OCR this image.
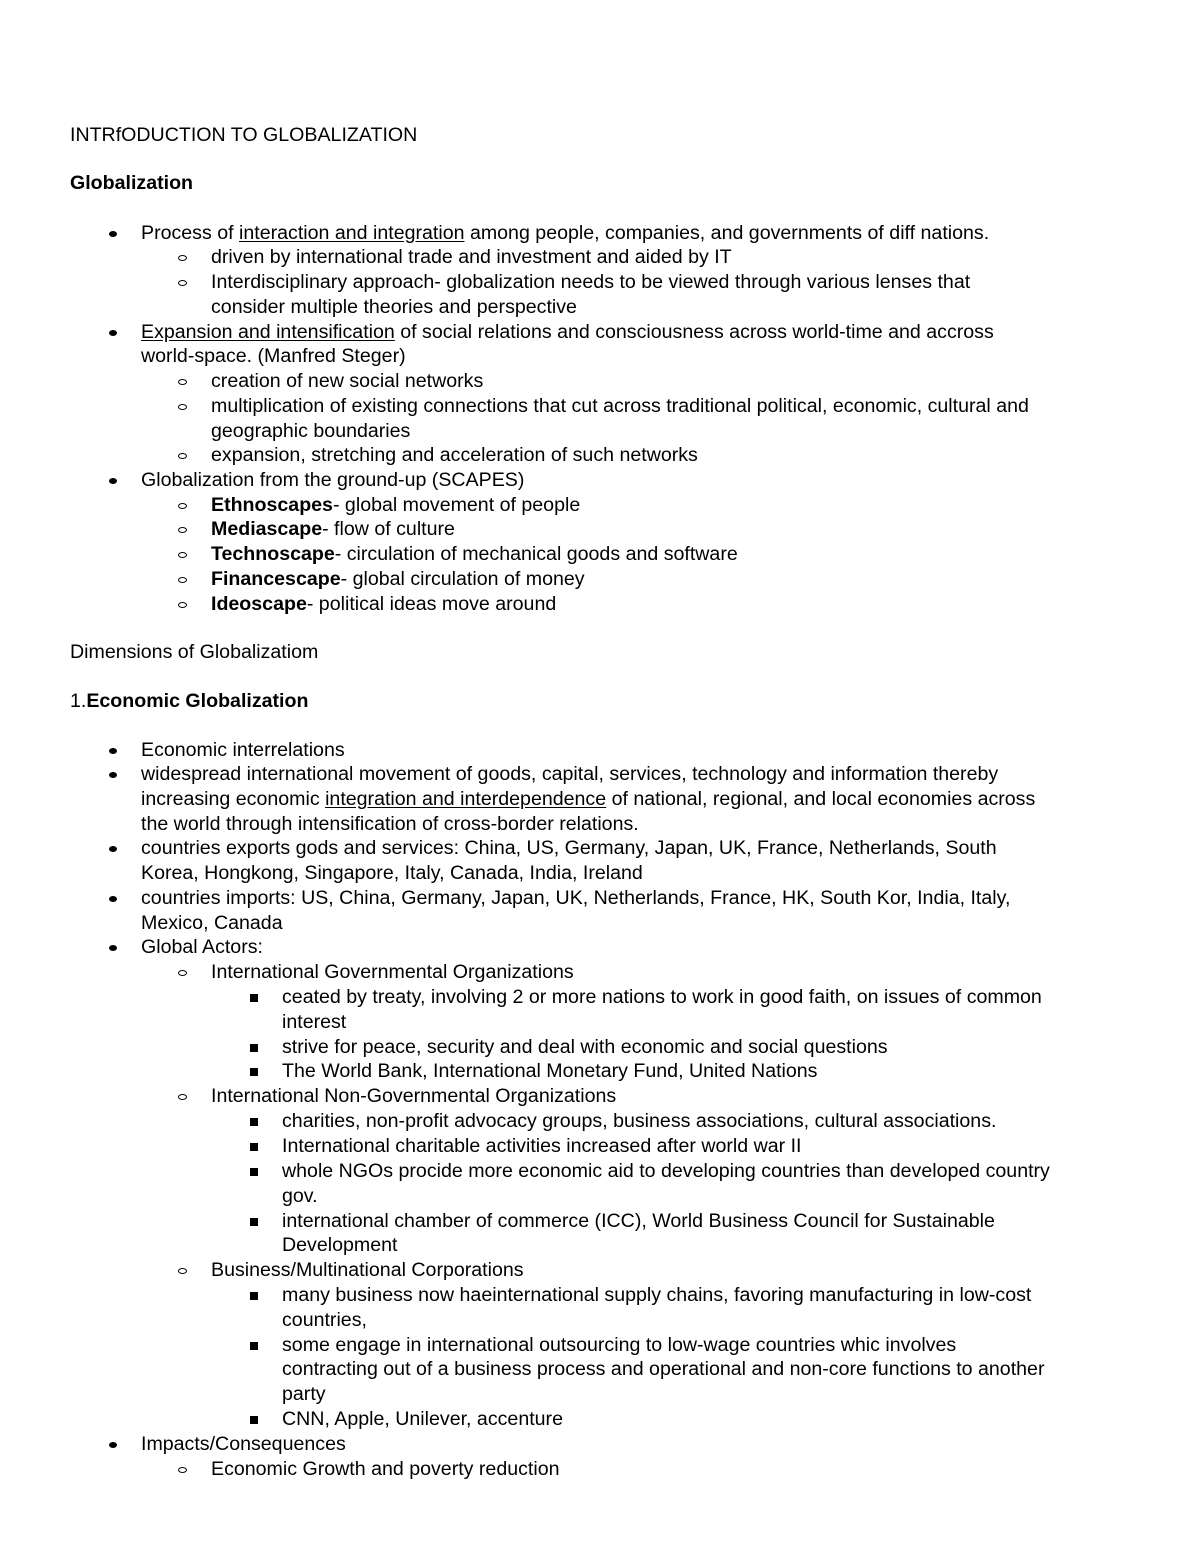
INTRfODUCTION TO GLOBALIZATION
Globalization
Process of interaction and integration among people, companies, and governments of diff nations.
driven by international trade and investment and aided by IT
Interdisciplinary approach- globalization needs to be viewed through various lenses that
consider multiple theories and perspective
Expansion and intensification of social relations and consciousness across world-time and accross
world-space. (Manfred Steger)
creation of new social networks
multiplication of existing connections that cut across traditional political, economic, cultural and
geographic boundaries
expansion, stretching and acceleration of such networks
Globalization from the ground-up (SCAPES)
Ethnoscapes- global movement of people
Mediascape- flow of culture
Technoscape- circulation of mechanical goods and software
Financescape- global circulation of money
Ideoscape- political ideas move around
Dimensions of Globalizatiom
1.Economic Globalization
Economic interrelations
widespread international movement of goods, capital, services, technology and information thereby
increasing economic integration and interdependence of national, regional, and local economies across
the world through intensification of cross-border relations.
countries exports gods and services: China, US, Germany, Japan, UK, France, Netherlands, South
Korea, Hongkong, Singapore, Italy, Canada, India, Ireland
countries imports: US, China, Germany, Japan, UK, Netherlands, France, HK, South Kor, India, Italy,
Mexico, Canada
Global Actors:
International Governmental Organizations
ceated by treaty, involving 2 or more nations to work in good faith, on issues of common
interest
strive for peace, security and deal with economic and social questions
The World Bank, International Monetary Fund, United Nations
International Non-Governmental Organizations
charities, non-profit advocacy groups, business associations, cultural associations.
International charitable activities increased after world war II
whole NGOs procide more economic aid to developing countries than developed country
gov.
international chamber of commerce (ICC), World Business Council for Sustainable
Development
Business/Multinational Corporations
many business now haeinternational supply chains, favoring manufacturing in low-cost
countries,
some engage in international outsourcing to low-wage countries whic involves
contracting out of a business process and operational and non-core functions to another
party
CNN, Apple, Unilever, accenture
Impacts/Consequences
Economic Growth and poverty reduction
